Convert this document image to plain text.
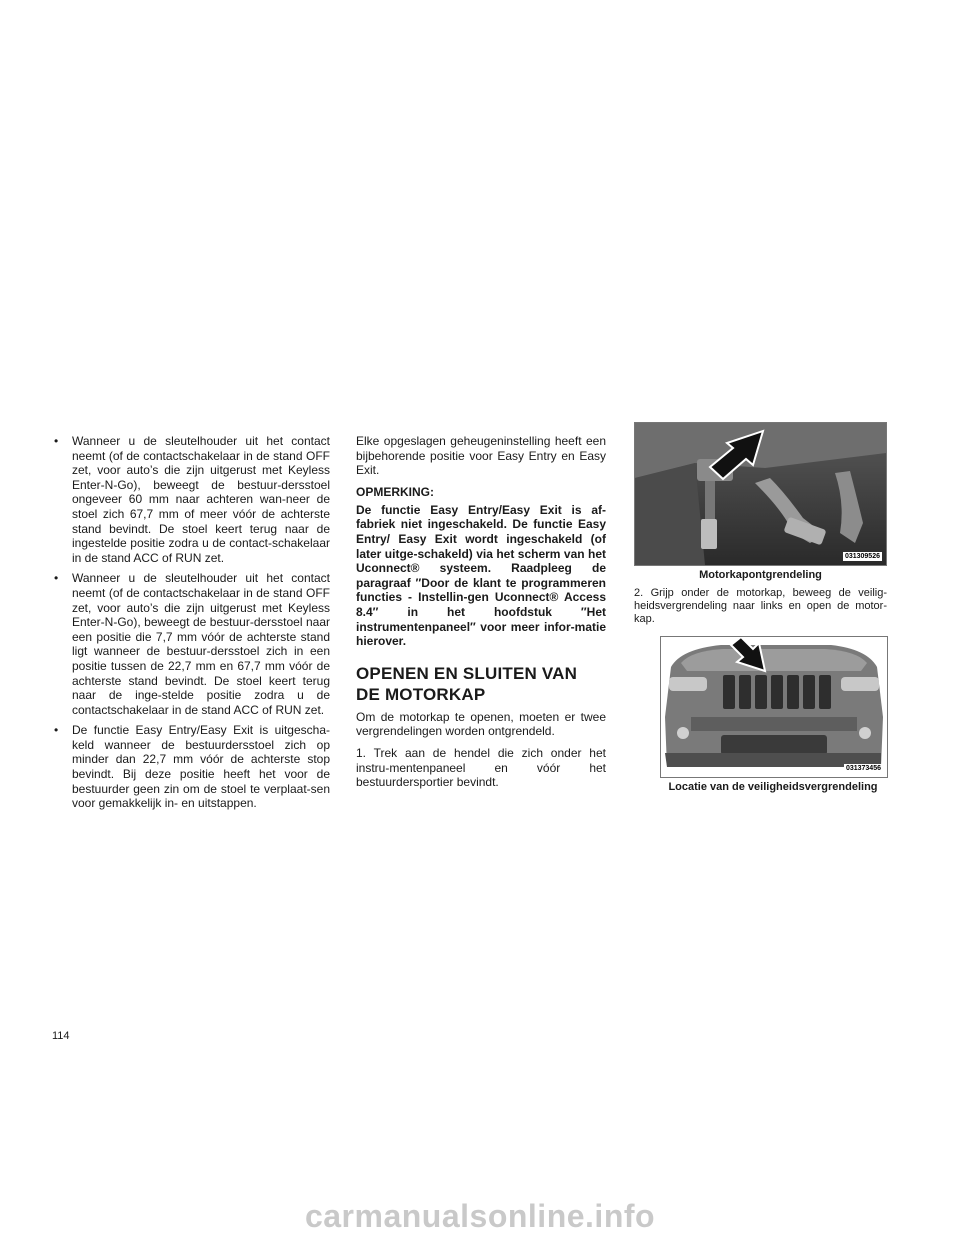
• Wanneer u de sleutelhouder uit het contact neemt (of de contactschakelaar in de stand OFF zet, voor auto’s die zijn uitgerust met Keyless Enter-N-Go), beweegt de bestuur-dersstoel ongeveer 60 mm naar achteren wan-neer de stoel zich 67,7 mm of meer vóór de achterste stand bevindt. De stoel keert terug naar de ingestelde positie zodra u de contact-schakelaar in de stand ACC of RUN zet.
• Wanneer u de sleutelhouder uit het contact neemt (of de contactschakelaar in de stand OFF zet, voor auto’s die zijn uitgerust met Keyless Enter-N-Go), beweegt de bestuur-dersstoel naar een positie die 7,7 mm vóór de achterste stand ligt wanneer de bestuur-dersstoel zich in een positie tussen de 22,7 mm en 67,7 mm vóór de achterste stand bevindt. De stoel keert terug naar de inge-stelde positie zodra u de contactschakelaar in de stand ACC of RUN zet.
• De functie Easy Entry/Easy Exit is uitgescha-keld wanneer de bestuurdersstoel zich op minder dan 22,7 mm vóór de achterste stop bevindt. Bij deze positie heeft het voor de bestuurder geen zin om de stoel te verplaat-sen voor gemakkelijk in- en uitstappen.

Elke opgeslagen geheugeninstelling heeft een bijbehorende positie voor Easy Entry en Easy Exit.

OPMERKING:

De functie Easy Entry/Easy Exit is af-fabriek niet ingeschakeld. De functie Easy Entry/ Easy Exit wordt ingeschakeld (of later uitge-schakeld) via het scherm van het Uconnect® systeem. Raadpleeg de paragraaf ″Door de klant te programmeren functies - Instellin-gen Uconnect® Access 8.4″ in het hoofdstuk ″Het instrumentenpaneel″ voor meer infor-matie hierover.

OPENEN EN SLUITEN VAN DE MOTORKAP

Om de motorkap te openen, moeten er twee vergrendelingen worden ontgrendeld.

1. Trek aan de hendel die zich onder het instru-mentenpaneel en vóór het bestuurdersportier bevindt.

031309526
Motorkapontgrendeling

2. Grijp onder de motorkap, beweeg de veilig-heidsvergrendeling naar links en open de motor-kap.

031373456
Locatie van de veiligheidsvergrendeling
114
carmanualsonline.info
